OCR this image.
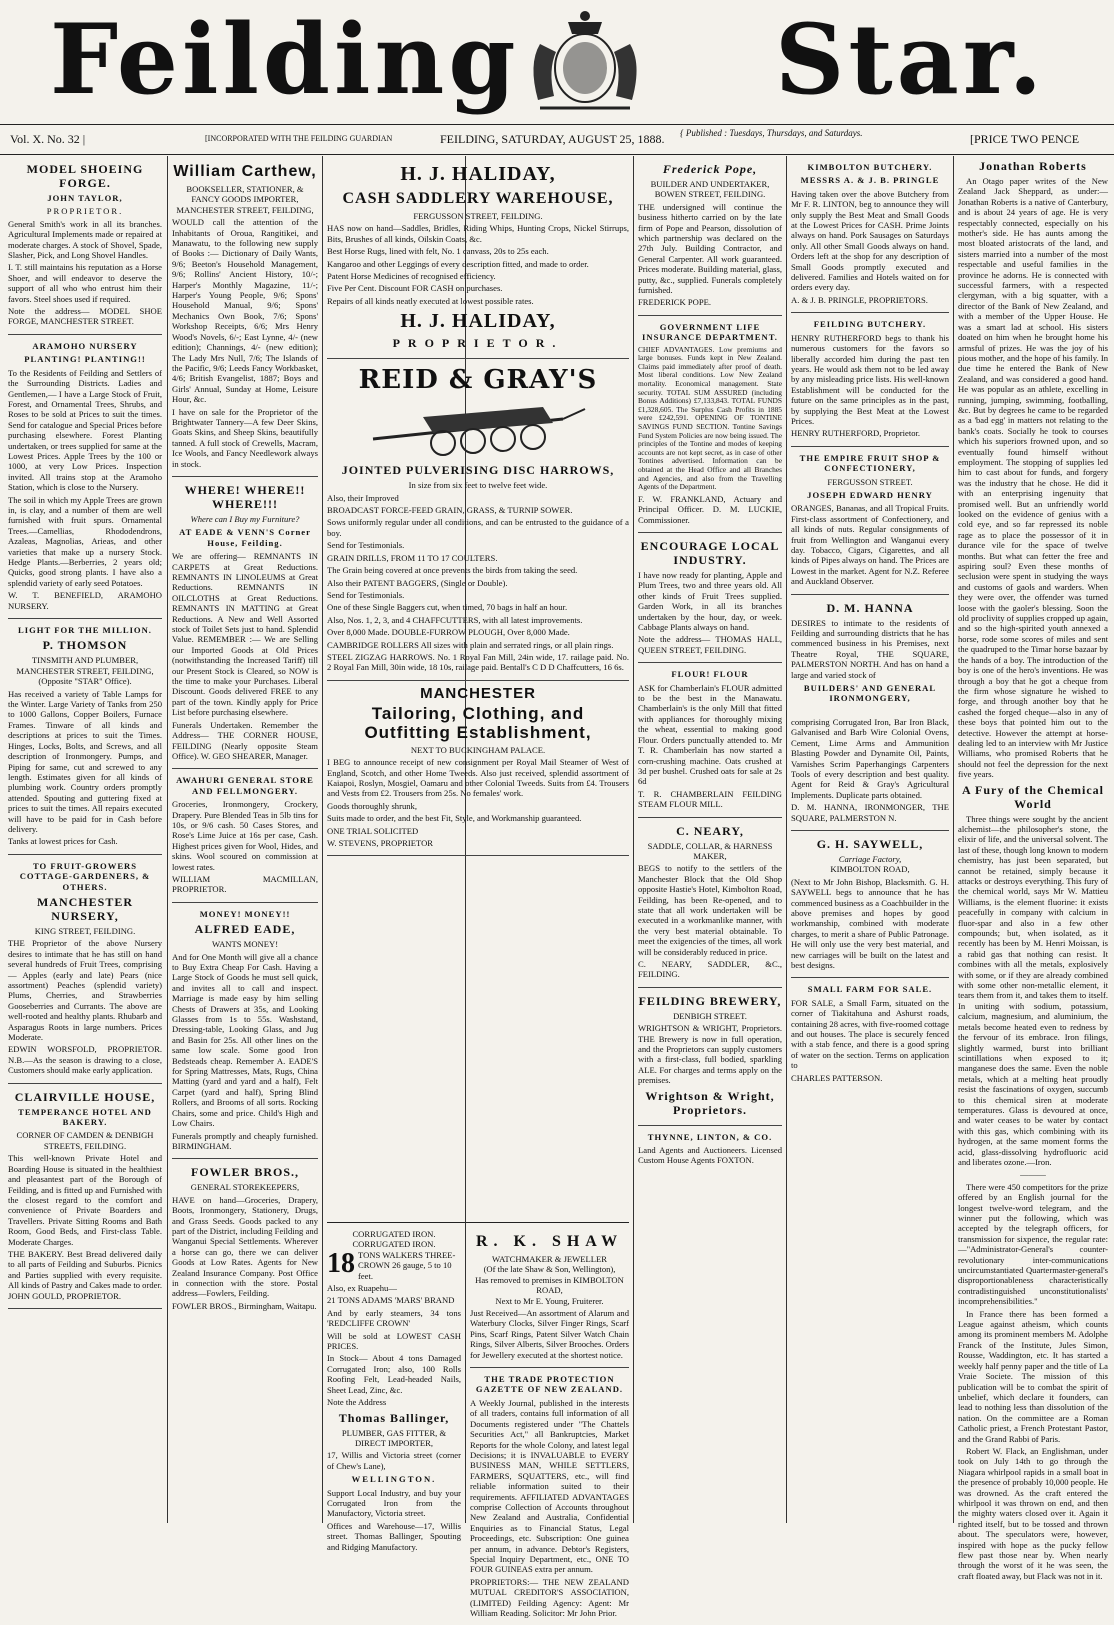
Feilding	Star.
Vol. X. No. 32 |	[INCORPORATED WITH THE FEILDING GUARDIAN	FEILDING, SATURDAY, AUGUST 25, 1888. { Published : Tuesdays, Thursdays, and Saturdays.	[PRICE TWO PENCE
MODEL SHOEING FORGE.
JOHN TAYLOR,
PROPRIETOR.

General Smith's work in all its branches. Agricultural Implements made or repaired at moderate charges. A stock of Shovel, Spade, Slasher, Pick, and Long Shovel Handles.

I. T. still maintains his reputation as a Horse Shoer, and will endeavor to deserve the support of all who who entrust him their favors. Steel shoes used if required.

Note the address— MODEL SHOE FORGE, MANCHESTER STREET.

ARAMOHO NURSERY
PLANTING! PLANTING!!

To the Residents of Feilding and Settlers of the Surrounding Districts. Ladies and Gentlemen,— I have a Large Stock of Fruit, Forest, and Ornamental Trees, Shrubs, and Roses to be sold at Prices to suit the times. Send for catalogue and Special Prices before purchasing elsewhere. Forest Planting undertaken, or trees supplied for same at the Lowest Prices. Apple Trees by the 100 or 1000, at very Low Prices. Inspection invited. All trains stop at the Aramoho Station, which is close to the Nursery.

The soil in which my Apple Trees are grown in, is clay, and a number of them are well furnished with fruit spurs. Ornamental Trees.—Camellias, Rhododendrons, Azaleas, Magnolias, Arieas, and other varieties that make up a nursery Stock. Hedge Plants.—Berberries, 2 years old; Quicks, good strong plants. I have also a splendid variety of early seed Potatoes.

W. T. BENEFIELD, ARAMOHO NURSERY.

LIGHT FOR THE MILLION.
P. THOMSON
TINSMITH AND PLUMBER, MANCHESTER STREET, FEILDING, (Opposite "STAR" Office).

Has received a variety of Table Lamps for the Winter. Large Variety of Tanks from 250 to 1000 Gallons, Copper Boilers, Furnace Frames. Tinware of all kinds and descriptions at prices to suit the Times. Hinges, Locks, Bolts, and Screws, and all description of Ironmongery. Pumps, and Piping for same, cut and screwed to any length. Estimates given for all kinds of plumbing work. Country orders promptly attended. Spouting and guttering fixed at prices to suit the times. All repairs executed will have to be paid for in Cash before delivery.

Tanks at lowest prices for Cash.

TO FRUIT-GROWERS COTTAGE-GARDENERS, & OTHERS.
MANCHESTER NURSERY,
KING STREET, FEILDING.

THE Proprietor of the above Nursery desires to intimate that he has still on hand several hundreds of Fruit Trees, comprising— Apples (early and late) Pears (nice assortment) Peaches (splendid variety) Plums, Cherries, and Strawberries Gooseberries and Currants. The above are well-rooted and healthy plants. Rhubarb and Asparagus Roots in large numbers. Prices Moderate.

EDWIN WORSFOLD, PROPRIETOR. N.B.—As the season is drawing to a close, Customers should make early application.

CLAIRVILLE HOUSE,
TEMPERANCE HOTEL AND BAKERY.
CORNER OF CAMDEN & DENBIGH STREETS, FEILDING.

This well-known Private Hotel and Boarding House is situated in the healthiest and pleasantest part of the Borough of Feilding, and is fitted up and Furnished with the closest regard to the comfort and convenience of Private Boarders and Travellers. Private Sitting Rooms and Bath Room, Good Beds, and First-class Table. Moderate Charges.

THE BAKERY. Best Bread delivered daily to all parts of Feilding and Suburbs. Picnics and Parties supplied with every requisite. All kinds of Pastry and Cakes made to order. JOHN GOULD, PROPRIETOR.

William Carthew,
BOOKSELLER, STATIONER, & FANCY GOODS IMPORTER, MANCHESTER STREET, FEILDING,

WOULD call the attention of the Inhabitants of Oroua, Rangitikei, and Manawatu, to the following new supply of Books :— Dictionary of Daily Wants, 9/6; Beeton's Household Management, 9/6; Rollins' Ancient History, 10/-; Harper's Monthly Magazine, 11/-; Harper's Young People, 9/6; Spons' Household Manual, 9/6; Spons' Mechanics Own Book, 7/6; Spons' Workshop Receipts, 6/6; Mrs Henry Wood's Novels, 6/-; East Lynne, 4/- (new edition); Channings, 4/- (new edition); The Lady Mrs Null, 7/6; The Islands of the Pacific, 9/6; Leeds Fancy Workbasket, 4/6; British Evangelist, 1887; Boys and Girls' Annual, Sunday at Home, Leisure Hour, &c.

I have on sale for the Proprietor of the Brightwater Tannery—A few Deer Skins, Goats Skins, and Sheep Skins, beautifully tanned. A full stock of Crewells, Macram, Ice Wools, and Fancy Needlework always in stock.

WHERE! WHERE!! WHERE!!!
Where can I Buy my Furniture?
AT EADE & VENN'S Corner House, Feilding.

We are offering— REMNANTS IN CARPETS at Great Reductions. REMNANTS IN LINOLEUMS at Great Reductions. REMNANTS IN OILCLOTHS at Great Reductions. REMNANTS IN MATTING at Great Reductions. A New and Well Assorted stock of Toilet Sets just to hand. Splendid Value. REMEMBER :— We are Selling our Imported Goods at Old Prices (notwithstanding the Increased Tariff) till our Present Stock is Cleared, so NOW is the time to make your Purchases. Liberal Discount. Goods delivered FREE to any part of the town. Kindly apply for Price List before purchasing elsewhere.

Funerals Undertaken. Remember the Address— THE CORNER HOUSE, FEILDING (Nearly opposite Steam Office). W. GEO SHEARER, Manager.

AWAHURI GENERAL STORE AND FELLMONGERY.

Groceries, Ironmongery, Crockery, Drapery. Pure Blended Teas in 5lb tins for 10s, or 9/6 cash. 50 Cases Stores, and Rose's Lime Juice at 16s per case, Cash. Highest prices given for Wool, Hides, and skins. Wool scoured on commission at lowest rates.

WILLIAM MACMILLAN, PROPRIETOR.

MONEY! MONEY!!
ALFRED EADE,
WANTS MONEY!

And for One Month will give all a chance to Buy Extra Cheap For Cash. Having a Large Stock of Goods he must sell quick, and invites all to call and inspect. Marriage is made easy by him selling Chests of Drawers at 35s, and Looking Glasses from 1s to 55s. Washstand, Dressing-table, Looking Glass, and Jug and Basin for 25s. All other lines on the same low scale. Some good Iron Bedsteads cheap. Remember A. EADE'S for Spring Mattresses, Mats, Rugs, China Matting (yard and yard and a half), Felt Carpet (yard and half), Spring Blind Rollers, and Brooms of all sorts. Rocking Chairs, some and price. Child's High and Low Chairs.

Funerals promptly and cheaply furnished. BIRMINGHAM.

FOWLER BROS.,
GENERAL STOREKEEPERS,

HAVE on hand—Groceries, Drapery, Boots, Ironmongery, Stationery, Drugs, and Grass Seeds. Goods packed to any part of the District, including Feilding and Wanganui Special Settlements. Wherever a horse can go, there we can deliver Goods at Low Rates. Agents for New Zealand Insurance Company. Post Office in connection with the store. Postal address—Fowlers, Feilding.

FOWLER BROS., Birmingham, Waitapu.

H. J. HALIDAY,
CASH SADDLERY WAREHOUSE,
FERGUSSON STREET, FEILDING.

HAS now on hand—Saddles, Bridles, Riding Whips, Hunting Crops, Nickel Stirrups, Bits, Brushes of all kinds, Oilskin Coats, &c.

Best Horse Rugs, lined with felt, No. 1 canvass, 20s to 25s each.

Kangaroo and other Leggings of every description fitted, and made to order.

Patent Horse Medicines of recognised efficiency.

Five Per Cent. Discount FOR CASH on purchases.

Repairs of all kinds neatly executed at lowest possible rates.

H. J. HALIDAY,
PROPRIETOR.
REID & GRAY'S
JOINTED PULVERISING DISC HARROWS,
In size from six feet to twelve feet wide.

Also, their Improved

BROADCAST FORCE-FEED GRAIN, GRASS, & TURNIP SOWER.

Sows uniformly regular under all conditions, and can be entrusted to the guidance of a boy.

Send for Testimonials.

GRAIN DRILLS, FROM 11 TO 17 COULTERS.

The Grain being covered at once prevents the birds from taking the seed.

Also their PATENT BAGGERS, (Single or Double).

Send for Testimonials.

One of these Single Baggers cut, when timed, 70 bags in half an hour.

Also, Nos. 1, 2, 3, and 4 CHAFFCUTTERS, with all latest improvements.

Over 8,000 Made. DOUBLE-FURROW PLOUGH, Over 8,000 Made.

CAMBRIDGE ROLLERS All sizes with plain and serrated rings, or all plain rings.

STEEL ZIGZAG HARROWS. No. 1 Royal Fan Mill, 24in wide, 17. railage paid. No. 2 Royal Fan Mill, 30in wide, 18 10s, railage paid. Bentall's C D D Chaffcutters, 16 6s.

MANCHESTER
Tailoring, Clothing, and Outfitting Establishment,
NEXT TO BUCKINGHAM PALACE.

I BEG to announce receipt of new consignment per Royal Mail Steamer of West of England, Scotch, and other Home Tweeds. Also just received, splendid assortment of Kaiapoi, Roslyn, Mosgiel, Oamaru and other Colonial Tweeds. Suits from £4. Trousers and Vests from £2. Trousers from 25s. No females' work.

Goods thoroughly shrunk,

Suits made to order, and the best Fit, Style, and Workmanship guaranteed.

ONE TRIAL SOLICITED

W. STEVENS, PROPRIETOR

CORRUGATED IRON. CORRUGATED IRON.
18 TONS WALKERS THREE-CROWN 26 gauge, 5 to 10 feet.

Also, ex Ruapehu—

21 TONS ADAMS 'MARS' BRAND

And by early steamers, 34 tons 'REDCLIFFE CROWN'

Will be sold at LOWEST CASH PRICES.

In Stock— About 4 tons Damaged Corrugated Iron; also, 100 Rolls Roofing Felt, Lead-headed Nails, Sheet Lead, Zinc, &c.

Note the Address

Thomas Ballinger,
PLUMBER, GAS FITTER, & DIRECT IMPORTER,

17, Willis and Victoria street (corner of Chew's Lane),

WELLINGTON.

Support Local Industry, and buy your Corrugated Iron from the Manufactory, Victoria street.

Offices and Warehouse—17, Willis street. Thomas Ballinger, Spouting and Ridging Manufactory.

R. K. SHAW
WATCHMAKER & JEWELLER
(Of the late Shaw & Son, Wellington),
Has removed to premises in KIMBOLTON ROAD,
Next to Mr E. Young, Fruiterer.

Just Received—An assortment of Alarum and Waterbury Clocks, Silver Finger Rings, Scarf Pins, Scarf Rings, Patent Silver Watch Chain Rings, Silver Alberts, Silver Brooches. Orders for Jewellery executed at the shortest notice.

THE TRADE PROTECTION GAZETTE OF NEW ZEALAND.

A Weekly Journal, published in the interests of all traders, contains full information of all Documents registered under "The Chattels Securities Act," all Bankruptcies, Market Reports for the whole Colony, and latest legal Decisions; it is INVALUABLE to EVERY BUSINESS MAN, WHILE SETTLERS, FARMERS, SQUATTERS, etc., will find reliable information suited to their requirements. AFFILIATED ADVANTAGES comprise Collection of Accounts throughout New Zealand and Australia, Confidential Enquiries as to Financial Status, Legal Proceedings, etc. Subscription: One guinea per annum, in advance. Debtor's Registers, Special Inquiry Department, etc., ONE TO FOUR GUINEAS extra per annum.

PROPRIETORS:— THE NEW ZEALAND MUTUAL CREDITOR'S ASSOCIATION, (LIMITED) Feilding Agency: Agent: Mr William Reading. Solicitor: Mr John Prior.

Frederick Pope,
BUILDER AND UNDERTAKER, BOWEN STREET, FEILDING.

THE undersigned will continue the business hitherto carried on by the late firm of Pope and Pearson, dissolution of which partnership was declared on the 27th July. Building Contractor, and General Carpenter. All work guaranteed. Prices moderate. Building material, glass, putty, &c., supplied. Funerals completely furnished.

FREDERICK POPE.

GOVERNMENT LIFE INSURANCE DEPARTMENT.

CHIEF ADVANTAGES. Low premiums and large bonuses. Funds kept in New Zealand. Claims paid immediately after proof of death. Most liberal conditions. Low New Zealand mortality. Economical management. State security. TOTAL SUM ASSURED (including Bonus Additions) £7,133,843. TOTAL FUNDS £1,328,605. The Surplus Cash Profits in 1885 were £242,591. OPENING OF TONTINE SAVINGS FUND SECTION. Tontine Savings Fund System Policies are now being issued. The principles of the Tontine and modes of keeping accounts are not kept secret, as in case of other Tontines advertised. Information can be obtained at the Head Office and all Branches and Agencies, and also from the Travelling Agents of the Department.

F. W. FRANKLAND, Actuary and Principal Officer. D. M. LUCKIE, Commissioner.

ENCOURAGE LOCAL INDUSTRY.

I have now ready for planting, Apple and Plum Trees, two and three years old. All other kinds of Fruit Trees supplied. Garden Work, in all its branches undertaken by the hour, day, or week. Cabbage Plants always on hand.

Note the address— THOMAS HALL, QUEEN STREET, FEILDING.

FLOUR! FLOUR

ASK for Chamberlain's FLOUR admitted to be the best in the Manawatu. Chamberlain's is the only Mill that fitted with appliances for thoroughly mixing the wheat, essential to making good Flour. Orders punctually attended to. Mr T. R. Chamberlain has now started a corn-crushing machine. Oats crushed at 3d per bushel. Crushed oats for sale at 2s 6d

T. R. CHAMBERLAIN FEILDING STEAM FLOUR MILL.

C. NEARY,
SADDLE, COLLAR, & HARNESS MAKER,

BEGS to notify to the settlers of the Manchester Block that the Old Shop opposite Hastie's Hotel, Kimbolton Road, Feilding, has been Re-opened, and to state that all work undertaken will be executed in a workmanlike manner, with the very best material obtainable. To meet the exigencies of the times, all work will be considerably reduced in price.

C. NEARY, SADDLER, &C., FEILDING.

FEILDING BREWERY,
DENBIGH STREET.

WRIGHTSON & WRIGHT, Proprietors. THE Brewery is now in full operation, and the Proprietors can supply customers with a first-class, full bodied, sparkling ALE. For charges and terms apply on the premises.

Wrightson & Wright, Proprietors.
THYNNE, LINTON, & CO.

Land Agents and Auctioneers. Licensed Custom House Agents FOXTON.

KIMBOLTON BUTCHERY.
MESSRS A. & J. B. PRINGLE

Having taken over the above Butchery from Mr F. R. LINTON, beg to announce they will only supply the Best Meat and Small Goods at the Lowest Prices for CASH. Prime Joints always on hand. Pork Sausages on Saturdays only. All other Small Goods always on hand. Orders left at the shop for any description of Small Goods promptly executed and delivered. Families and Hotels waited on for orders every day.

A. & J. B. PRINGLE, PROPRIETORS.

FEILDING BUTCHERY.

HENRY RUTHERFORD begs to thank his numerous customers for the favors so liberally accorded him during the past ten years. He would ask them not to be led away by any misleading price lists. His well-known Establishment will be conducted for the future on the same principles as in the past, by supplying the Best Meat at the Lowest Prices.

HENRY RUTHERFORD, Proprietor.

THE EMPIRE FRUIT SHOP & CONFECTIONERY,
FERGUSSON STREET.
JOSEPH EDWARD HENRY

ORANGES, Bananas, and all Tropical Fruits. First-class assortment of Confectionery, and all kinds of nuts. Regular consignments of fruit from Wellington and Wanganui every day. Tobacco, Cigars, Cigarettes, and all kinds of Pipes always on hand. The Prices are Lowest in the market. Agent for N.Z. Referee and Auckland Observer.

D. M. HANNA

DESIRES to intimate to the residents of Feilding and surrounding districts that he has commenced business in his Premises, next Theatre Royal, THE SQUARE, PALMERSTON NORTH. And has on hand a large and varied stock of

BUILDERS' AND GENERAL IRONMONGERY,

comprising Corrugated Iron, Bar Iron Black, Galvanised and Barb Wire Colonial Ovens, Cement, Lime Arms and Ammunition Blasting Powder and Dynamite Oil, Paints, Varnishes Scrim Paperhangings Carpenters Tools of every description and best quality. Agent for Reid & Gray's Agricultural Implements. Duplicate parts obtained.

D. M. HANNA, IRONMONGER, THE SQUARE, PALMERSTON N.

G. H. SAYWELL,
Carriage Factory,
KIMBOLTON ROAD,

(Next to Mr John Bishop, Blacksmith. G. H. SAYWELL begs to announce that he has commenced business as a Coachbuilder in the above premises and hopes by good workmanship, combined with moderate charges, to merit a share of Public Patronage. He will only use the very best material, and new carriages will be built on the latest and best designs.

SMALL FARM FOR SALE.

FOR SALE, a Small Farm, situated on the corner of Tiakitahuna and Ashurst roads, containing 28 acres, with five-roomed cottage and out houses. The place is securely fenced with a stab fence, and there is a good spring of water on the section. Terms on application to

CHARLES PATTERSON.

Jonathan Roberts

An Otago paper writes of the New Zealand Jack Sheppard, as under:—Jonathan Roberts is a native of Canterbury, and is about 24 years of age. He is very respectably connected, especially on his mother's side. He has aunts among the most bloated aristocrats of the land, and sisters married into a number of the most respectable and useful families in the province he adorns. He is connected with successful farmers, with a respected clergyman, with a big squatter, with a director of the Bank of New Zealand, and with a member of the Upper House. He was a smart lad at school. His sisters doated on him when he brought home his armsful of prizes. He was the joy of his pious mother, and the hope of his family. In due time he entered the Bank of New Zealand, and was considered a good hand. He was popular as an athlete, excelling in running, jumping, swimming, footballing, &c. But by degrees he came to be regarded as a 'bad egg' in matters not relating to the bank's coats. Socially he took to courses which his superiors frowned upon, and so eventually found himself without employment. The stopping of supplies led him to cast about for funds, and forgery was the industry that he chose. He did it with an enterprising ingenuity that promised well. But an unfriendly world looked on the evidence of genius with a cold eye, and so far repressed its noble rage as to place the possessor of it in durance vile for the space of twelve months. But what can fetter the free and aspiring soul? Even these months of seclusion were spent in studying the ways and customs of gaols and warders. When they were over, the offender was turned loose with the gaoler's blessing. Soon the old proclivity of supplies cropped up again, and so the high-spirited youth annexed a horse, rode some scores of miles and sent the quadruped to the Timar horse bazaar by the hands of a boy. The introduction of the boy is one of the hero's inventions. He was through a boy that he got a cheque from the firm whose signature he wished to forge, and through another boy that he cashed the forged cheque—also in any of these boys that pointed him out to the detective. However the attempt at horse-dealing led to an interview with Mr Justice Williams, who promised Roberts that he should not feel the depression for the next five years.

A Fury of the Chemical World

Three things were sought by the ancient alchemist—the philosopher's stone, the elixir of life, and the universal solvent. The last of these, though long known to modern chemistry, has just been separated, but cannot be retained, simply because it attacks or destroys everything. This fury of the chemical world, says Mr W. Mattieu Williams, is the element fluorine: it exists peacefully in company with calcium in fluor-spar and also in a few other compounds; but, when isolated, as it recently has been by M. Henri Moissan, is a rabid gas that nothing can resist. It combines with all the metals, explosively with some, or if they are already combined with some other non-metallic element, it tears them from it, and takes them to itself. In uniting with sodium, potassium, calcium, magnesium, and aluminium, the metals become heated even to redness by the fervour of its embrace. Iron filings, slightly warmed, burst into brilliant scintillations when exposed to it; manganese does the same. Even the noble metals, which at a melting heat proudly resist the fascinations of oxygen, succumb to this chemical siren at moderate temperatures. Glass is devoured at once, and water ceases to be water by contact with this gas, which combining with its hydrogen, at the same moment forms the acid, glass-dissolving hydrofluoric acid and liberates ozone.—Iron.

———

There were 450 competitors for the prize offered by an English journal for the longest twelve-word telegram, and the winner put the following, which was accepted by the telegraph officers, for transmission for sixpence, the regular rate:—"Administrator-General's counter-revolutionary inter-communications uncircumstantiated Quartermaster-general's disproportionableness characteristically contradistinguished unconstitutionalists' incomprehensibilities."

In France there has been formed a League against atheism, which counts among its prominent members M. Adolphe Franck of the Institute, Jules Simon, Rousse, Waddington, etc. It has started a weekly half penny paper and the title of La Vraie Societe. The mission of this publication will be to combat the spirit of unbelief, which declare it founders, can lead to nothing less than dissolution of the nation. On the committee are a Roman Catholic priest, a French Protestant Pastor, and the Grand Rabbi of Paris.

Robert W. Flack, an Englishman, under took on July 14th to go through the Niagara whirlpool rapids in a small boat in the presence of probably 10,000 people. He was drowned. As the craft entered the whirlpool it was thrown on end, and then the mighty waters closed over it. Again it righted itself, but to be tossed and thrown about. The speculators were, however, inspired with hope as the pucky fellow flew past those near by. When nearly through the worst of it he was seen, the craft floated away, but Flack was not in it.
